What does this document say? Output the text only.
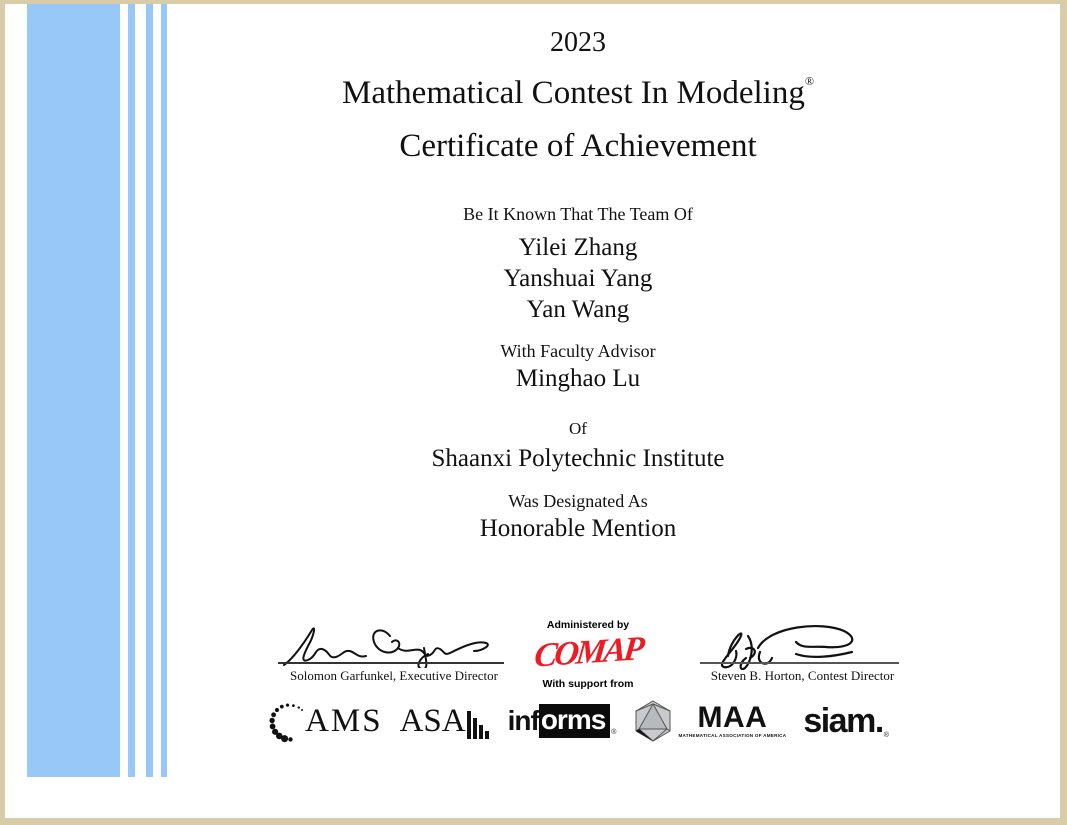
2023
Mathematical Contest In Modeling®
Certificate of Achievement
Be It Known That The Team Of
Yilei Zhang
Yanshuai Yang
Yan Wang
With Faculty Advisor
Minghao Lu
Of
Shaanxi Polytechnic Institute
Was Designated As
Honorable Mention
Solomon Garfunkel, Executive Director
Administered by
COMAP
With support from
Steven B. Horton, Contest Director
AMS ASA inf orms ®	MAA
MATHEMATICAL ASSOCIATION OF AMERICA siam . ®
